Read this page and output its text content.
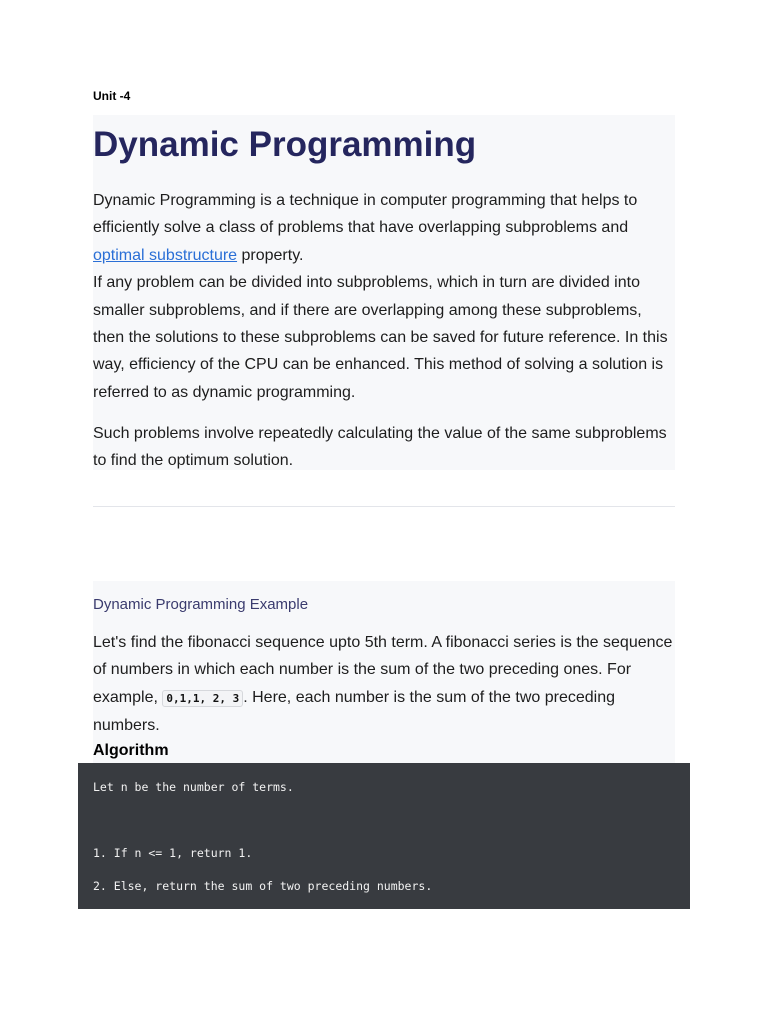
Unit -4
Dynamic Programming

Dynamic Programming is a technique in computer programming that helps to efficiently solve a class of problems that have overlapping subproblems and optimal substructure property.
If any problem can be divided into subproblems, which in turn are divided into smaller subproblems, and if there are overlapping among these subproblems, then the solutions to these subproblems can be saved for future reference. In this way, efficiency of the CPU can be enhanced. This method of solving a solution is referred to as dynamic programming.

Such problems involve repeatedly calculating the value of the same subproblems to find the optimum solution.

Dynamic Programming Example

Let's find the fibonacci sequence upto 5th term. A fibonacci series is the sequence of numbers in which each number is the sum of the two preceding ones. For example, 0,1,1, 2, 3 . Here, each number is the sum of the two preceding numbers.

Algorithm
Let n be the number of terms.
1. If n <= 1, return 1.
2. Else, return the sum of two preceding numbers.
